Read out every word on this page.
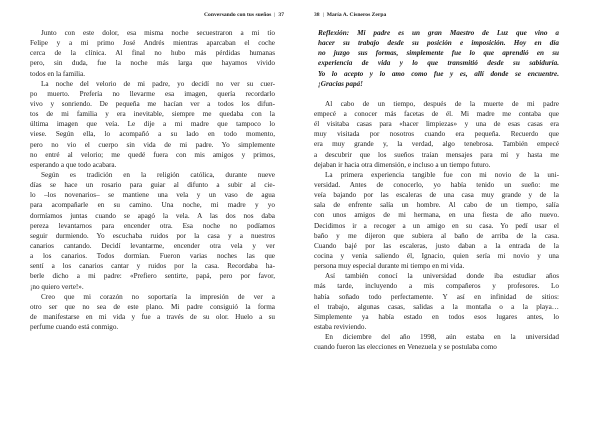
Conversando con tus sueños | 37
Junto con este dolor, esa misma noche secuestraron a mi tío
Felipe y a mi primo José Andrés mientras aparcaban el coche
cerca de la clínica. Al final no hubo más pérdidas humanas
pero, sin duda, fue la noche más larga que hayamos vivido
todos en la familia.
La noche del velorio de mi padre, yo decidí no ver su cuer-
po muerto. Prefería no llevarme esa imagen, quería recordarlo
vivo y sonriendo. De pequeña me hacían ver a todos los difun-
tos de mi familia y era inevitable, siempre me quedaba con la
última imagen que veía. Le dije a mi madre que tampoco lo
viese. Según ella, lo acompañó a su lado en todo momento,
pero no vio el cuerpo sin vida de mi padre. Yo simplemente
no entré al velorio; me quedé fuera con mis amigos y primos,
esperando a que todo acabara.
Según es tradición en la religión católica, durante nueve
días se hace un rosario para guiar al difunto a subir al cie-
lo –los novenarios– se mantiene una vela y un vaso de agua
para acompañarle en su camino. Una noche, mi madre y yo
dormíamos juntas cuando se apagó la vela. A las dos nos daba
pereza levantarnos para encender otra. Esa noche no podíamos
seguir durmiendo. Yo escuchaba ruidos por la casa y a nuestros
canarios cantando. Decidí levantarme, encender otra vela y ver
a los canarios. Todos dormían. Fueron varias noches las que
sentí a los canarios cantar y ruidos por la casa. Recordaba ha-
berle dicho a mi padre: «Prefiero sentirte, papá, pero por favor,
¡no quiero verte!».
Creo que mi corazón no soportaría la impresión de ver a
otro ser que no sea de este plano. Mi padre consiguió la forma
de manifestarse en mi vida y fue a través de su olor. Huelo a su
perfume cuando está conmigo.
38 | María A. Cisneros Zerpa
Reflexión: Mi padre es un gran Maestro de Luz que vino a
hacer su trabajo desde su posición e imposición. Hoy en día
no juzgo sus formas, simplemente fue lo que aprendió en su
experiencia de vida y lo que transmitió desde su sabiduría.
Yo lo acepto y lo amo como fue y es, allí donde se encuentre.
¡Gracias papá!
Al cabo de un tiempo, después de la muerte de mi padre
empecé a conocer más facetas de él. Mi madre me contaba que
él visitaba casas para «hacer limpiezas» y una de esas casas era
muy visitada por nosotros cuando era pequeña. Recuerdo que
era muy grande y, la verdad, algo tenebrosa. También empecé
a descubrir que los sueños traían mensajes para mí y hasta me
dejaban ir hacia otra dimensión, e incluso a un tiempo futuro.
La primera experiencia tangible fue con mi novio de la uni-
versidad. Antes de conocerlo, yo había tenido un sueño: me
veía bajando por las escaleras de una casa muy grande y de la
sala de enfrente salía un hombre. Al cabo de un tiempo, salía
con unos amigos de mi hermana, en una fiesta de año nuevo.
Decidimos ir a recoger a un amigo en su casa. Yo pedí usar el
baño y me dijeron que subiera al baño de arriba de la casa.
Cuando bajé por las escaleras, justo daban a la entrada de la
cocina y venía saliendo él, Ignacio, quien sería mi novio y una
persona muy especial durante mi tiempo en mi vida.
Así también conocí la universidad donde iba estudiar años
más tarde, incluyendo a mis compañeros y profesores. Lo
había soñado todo perfectamente. Y así en infinidad de sitios:
el trabajo, algunas casas, salidas a la montaña o a la playa…
Simplemente ya había estado en todos esos lugares antes, lo
estaba reviviendo.
En diciembre del año 1998, aún estaba en la universidad
cuando fueron las elecciones en Venezuela y se postulaba como
